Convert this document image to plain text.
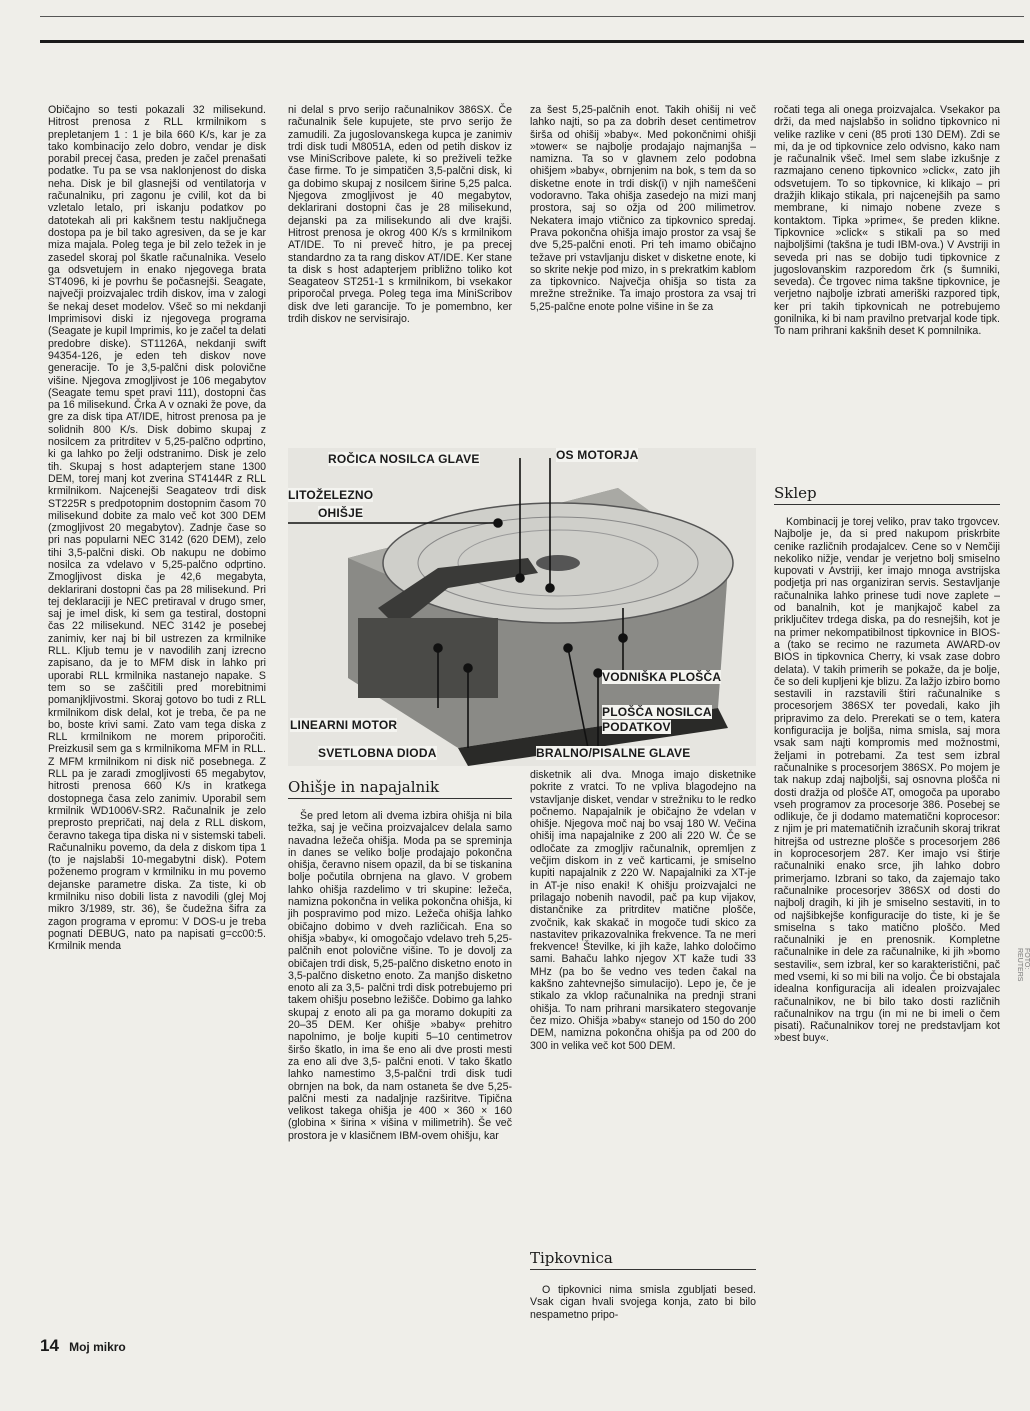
Običajno so testi pokazali 32 milisekund. Hitrost prenosa z RLL krmilnikom s prepletanjem 1 : 1 je bila 660 K/s, kar je za tako kombinacijo zelo dobro, vendar je disk porabil precej časa, preden je začel prenašati podatke. Tu pa se vsa naklonjenost do diska neha. Disk je bil glasnejši od ventilatorja v računalniku, pri zagonu je cvilil, kot da bi vzletalo letalo, pri iskanju podatkov po datotekah ali pri kakšnem testu naključnega dostopa pa je bil tako agresiven, da se je kar miza majala. Poleg tega je bil zelo težek in je zasedel skoraj pol škatle računalnika. Veselo ga odsvetujem in enako njegovega brata ST4096, ki je povrhu še počasnejši. Seagate, največji proizvajalec trdih diskov, ima v zalogi še nekaj deset modelov. Všeč so mi nekdanji Imprimisovi diski iz njegovega programa (Seagate je kupil Imprimis, ko je začel ta delati predobre diske). ST1126A, nekdanji swift 94354-126, je eden teh diskov nove generacije. To je 3,5-palčni disk polovične višine. Njegova zmogljivost je 106 megabytov (Seagate temu spet pravi 111), dostopni čas pa 16 milisekund. Črka A v oznaki že pove, da gre za disk tipa AT/IDE, hitrost prenosa pa je solidnih 800 K/s. Disk dobimo skupaj z nosilcem za pritrditev v 5,25-palčno odprtino, ki ga lahko po želji odstranimo. Disk je zelo tih. Skupaj s host adapterjem stane 1300 DEM, torej manj kot zverina ST4144R z RLL krmilnikom. Najcenejši Seagateov trdi disk ST225R s predpotopnim dostopnim časom 70 milisekund dobite za malo več kot 300 DEM (zmogljivost 20 megabytov). Zadnje čase so pri nas popularni NEC 3142 (620 DEM), zelo tihi 3,5-palčni diski. Ob nakupu ne dobimo nosilca za vdelavo v 5,25-palčno odprtino. Zmogljivost diska je 42,6 megabyta, deklarirani dostopni čas pa 28 milisekund. Pri tej deklaraciji je NEC pretiraval v drugo smer, saj je imel disk, ki sem ga testiral, dostopni čas 22 milisekund. NEC 3142 je posebej zanimiv, ker naj bi bil ustrezen za krmilnike RLL. Kljub temu je v navodilih zanj izrecno zapisano, da je to MFM disk in lahko pri uporabi RLL krmilnika nastanejo napake. S tem so se zaščitili pred morebitnimi pomanjkljivostmi. Skoraj gotovo bo tudi z RLL krmilnikom disk delal, kot je treba, če pa ne bo, boste krivi sami. Zato vam tega diska z RLL krmilnikom ne morem priporočiti. Preizkusil sem ga s krmilnikoma MFM in RLL. Z MFM krmilnikom ni disk nič posebnega. Z RLL pa je zaradi zmogljivosti 65 megabytov, hitrosti prenosa 660 K/s in kratkega dostopnega časa zelo zanimiv. Uporabil sem krmilnik WD1006V-SR2. Računalnik je zelo preprosto prepričati, naj dela z RLL diskom, čeravno takega tipa diska ni v sistemski tabeli. Računalniku povemo, da dela z diskom tipa 1 (to je najslabši 10-megabytni disk). Potem poženemo program v krmilniku in mu povemo dejanske parametre diska. Za tiste, ki ob krmilniku niso dobili lista z navodili (glej Moj mikro 3/1989, str. 36), še čudežna šifra za zagon programa v epromu: V DOS-u je treba pognati DEBUG, nato pa napisati g=cc00:5. Krmilnik menda

ni delal s prvo serijo računalnikov 386SX. Če računalnik šele kupujete, ste prvo serijo že zamudili. Za jugoslovanskega kupca je zanimiv trdi disk tudi M8051A, eden od petih diskov iz vse MiniScribove palete, ki so preživeli težke čase firme. To je simpatičen 3,5-palčni disk, ki ga dobimo skupaj z nosilcem širine 5,25 palca. Njegova zmogljivost je 40 megabytov, deklarirani dostopni čas je 28 milisekund, dejanski pa za milisekundo ali dve krajši. Hitrost prenosa je okrog 400 K/s s krmilnikom AT/IDE. To ni preveč hitro, je pa precej standardno za ta rang diskov AT/IDE. Ker stane ta disk s host adapterjem približno toliko kot Seagateov ST251-1 s krmilnikom, bi vsekakor priporočal prvega. Poleg tega ima MiniScribov disk dve leti garancije. To je pomembno, ker trdih diskov ne servisirajo.

za šest 5,25-palčnih enot. Takih ohišij ni več lahko najti, so pa za dobrih deset centimetrov širša od ohišij »baby«. Med pokončnimi ohišji »tower« se najbolje prodajajo najmanjša – namizna. Ta so v glavnem zelo podobna ohišjem »baby«, obrnjenim na bok, s tem da so disketne enote in trdi disk(i) v njih nameščeni vodoravno. Taka ohišja zasedejo na mizi manj prostora, saj so ožja od 200 milimetrov. Nekatera imajo vtičnico za tipkovnico spredaj. Prava pokončna ohišja imajo prostor za vsaj še dve 5,25-palčni enoti. Pri teh imamo običajno težave pri vstavljanju disket v disketne enote, ki so skrite nekje pod mizo, in s prekratkim kablom za tipkovnico. Največja ohišja so tista za mrežne strežnike. Ta imajo prostora za vsaj tri 5,25-palčne enote polne višine in še za

ročati tega ali onega proizvajalca. Vsekakor pa drži, da med najslabšo in solidno tipkovnico ni velike razlike v ceni (85 proti 130 DEM). Zdi se mi, da je od tipkovnice zelo odvisno, kako nam je računalnik všeč. Imel sem slabe izkušnje z razmajano ceneno tipkovnico »click«, zato jih odsvetujem. To so tipkovnice, ki klikajo – pri dražjih klikajo stikala, pri najcenejših pa samo membrane, ki nimajo nobene zveze s kontaktom. Tipka »prime«, še preden klikne. Tipkovnice »click« s stikali pa so med najboljšimi (takšna je tudi IBM-ova.) V Avstriji in seveda pri nas se dobijo tudi tipkovnice z jugoslovanskim razporedom črk (s šumniki, seveda). Če trgovec nima takšne tipkovnice, je verjetno najbolje izbrati ameriški razpored tipk, ker pri takih tipkovnicah ne potrebujemo gonilnika, ki bi nam pravilno pretvarjal kode tipk. To nam prihrani kakšnih deset K pomnilnika.

ROČICA NOSILCA GLAVE	OS MOTORJA
LITOŽELEZNO
OHIŠJE
VODNIŠKA PLOŠČA
PLOŠČA NOSILCA
PODATKOV
LINEARNI MOTOR
SVETLOBNA DIODA	BRALNO/PISALNE GLAVE
FOTO: REUTERS
Ohišje in napajalnik

Še pred letom ali dvema izbira ohišja ni bila težka, saj je večina proizvajalcev delala samo navadna ležeča ohišja. Moda pa se spreminja in danes se veliko bolje prodajajo pokončna ohišja, čeravno nisem opazil, da bi se tiskanina bolje počutila obrnjena na glavo. V grobem lahko ohišja razdelimo v tri skupine: ležeča, namizna pokončna in velika pokončna ohišja, ki jih pospravimo pod mizo. Ležeča ohišja lahko običajno dobimo v dveh različicah. Ena so ohišja »baby«, ki omogočajo vdelavo treh 5,25-palčnih enot polovične višine. To je dovolj za običajen trdi disk, 5,25-palčno disketno enoto in 3,5-palčno disketno enoto. Za manjšo disketno enoto ali za 3,5- palčni trdi disk potrebujemo pri takem ohišju posebno ležišče. Dobimo ga lahko skupaj z enoto ali pa ga moramo dokupiti za 20–35 DEM. Ker ohišje »baby« prehitro napolnimo, je bolje kupiti 5–10 centimetrov širšo škatlo, in ima še eno ali dve prosti mesti za eno ali dve 3,5- palčni enoti. V tako škatlo lahko namestimo 3,5-palčni trdi disk tudi obrnjen na bok, da nam ostaneta še dve 5,25-palčni mesti za nadaljnje razširitve. Tipična velikost takega ohišja je 400 × 360 × 160 (globina × širina × višina v milimetrih). Še več prostora je v klasičnem IBM-ovem ohišju, kar

disketnik ali dva. Mnoga imajo disketnike pokrite z vratci. To ne vpliva blagodejno na vstavljanje disket, vendar v strežniku to le redko počnemo. Napajalnik je običajno že vdelan v ohišje. Njegova moč naj bo vsaj 180 W. Večina ohišij ima napajalnike z 200 ali 220 W. Če se odločate za zmogljiv računalnik, opremljen z večjim diskom in z več karticami, je smiselno kupiti napajalnik z 220 W. Napajalniki za XT-je in AT-je niso enaki! K ohišju proizvajalci ne prilagajo nobenih navodil, pač pa kup vijakov, distančnike za pritrditev matične plošče, zvočnik, kak skakač in mogoče tudi skico za nastavitev prikazovalnika frekvence. Ta ne meri frekvence! Številke, ki jih kaže, lahko določimo sami. Bahaču lahko njegov XT kaže tudi 33 MHz (pa bo še vedno ves teden čakal na kakšno zahtevnejšo simulacijo). Lepo je, če je stikalo za vklop računalnika na prednji strani ohišja. To nam prihrani marsikatero stegovanje čez mizo. Ohišja »baby« stanejo od 150 do 200 DEM, namizna pokončna ohišja pa od 200 do 300 in velika več kot 500 DEM.

Tipkovnica

O tipkovnici nima smisla zgubljati besed. Vsak cigan hvali svojega konja, zato bi bilo nespametno pripo-

Sklep

Kombinacij je torej veliko, prav tako trgovcev. Najbolje je, da si pred nakupom priskrbite cenike različnih prodajalcev. Cene so v Nemčiji nekoliko nižje, vendar je verjetno bolj smiselno kupovati v Avstriji, ker imajo mnoga avstrijska podjetja pri nas organiziran servis. Sestavljanje računalnika lahko prinese tudi nove zaplete – od banalnih, kot je manjkajoč kabel za priključitev trdega diska, pa do resnejših, kot je na primer nekompatibilnost tipkovnice in BIOS-a (tako se recimo ne razumeta AWARD-ov BIOS in tipkovnica Cherry, ki vsak zase dobro delata). V takih primerih se pokaže, da je bolje, če so deli kupljeni kje blizu. Za lažjo izbiro bomo sestavili in razstavili štiri računalnike s procesorjem 386SX ter povedali, kako jih pripravimo za delo. Prerekati se o tem, katera konfiguracija je boljša, nima smisla, saj mora vsak sam najti kompromis med možnostmi, željami in potrebami. Za test sem izbral računalnike s procesorjem 386SX. Po mojem je tak nakup zdaj najboljši, saj osnovna plošča ni dosti dražja od plošče AT, omogoča pa uporabo vseh programov za procesorje 386. Posebej se odlikuje, če ji dodamo matematični koprocesor: z njim je pri matematičnih izračunih skoraj trikrat hitrejša od ustrezne plošče s procesorjem 286 in koprocesorjem 287. Ker imajo vsi štirje računalniki enako srce, jih lahko dobro primerjamo. Izbrani so tako, da zajemajo tako računalnike procesorjev 386SX od dosti do najbolj dragih, ki jih je smiselno sestaviti, in to od najšibkejše konfiguracije do tiste, ki je še smiselna s tako matično ploščo. Med računalniki je en prenosnik. Kompletne računalnike in dele za računalnike, ki jih »bomo sestavili«, sem izbral, ker so karakteristični, pač med vsemi, ki so mi bili na voljo. Če bi obstajala idealna konfiguracija ali idealen proizvajalec računalnikov, ne bi bilo tako dosti različnih računalnikov na trgu (in mi ne bi imeli o čem pisati). Računalnikov torej ne predstavljam kot »best buy«.

14 Moj mikro
